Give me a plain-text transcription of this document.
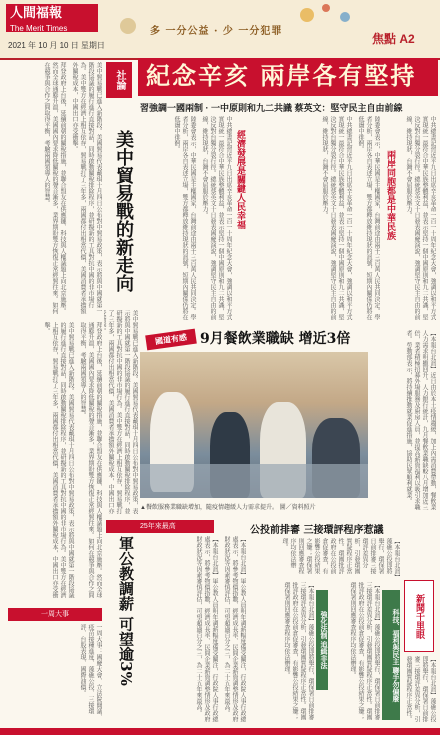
人間福報
The Merit Times
2021 年 10 月 10 日 星期日
多 一分公益 · 少 一分犯罪
焦點 A2
紀念辛亥 兩岸各有堅持
習強調一國兩制 · 一中原則和九二共識 蔡英文：堅守民主自由前線

美中貿易戰已進入新階段。美國貿易代表戴琪十月四日公布對中貿易政策，表示將與中國就第一階段協議的履行進行直接對話，同時啟動關稅排除程序，並研擬新的工具對抗中國的非市場行為。美中雙方在經濟上相互依存，貿易戰打了三年多，兩國都付出相當代價，美國消費者承擔額外關稅成本，中國出口亦受衝擊。

拜登政府上台後，延續前朝的關稅措施，並聯合盟友在供應鏈、科技與人權議題上向北京施壓。然而全球通膨升溫，美國國內要求降低關稅的聲音漸多，業界期盼雙方恢復正常經貿往來。如何在競爭與合作之間取得平衡，考驗兩國領導人的智慧。

拜登政府上台後，延續前朝的關稅措施，並聯合盟友在供應鏈、科技與人權議題上向北京施壓。然而全球通膨升溫，美國國內要求降低關稅的聲音漸多，業界期盼雙方恢復正常經貿往來。如何在競爭與合作之間取得平衡，考驗兩國領導人的智慧。

美中貿易戰已進入新階段。美國貿易代表戴琪十月四日公布對中貿易政策，表示將與中國就第一階段協議的履行進行直接對話，同時啟動關稅排除程序，並研擬新的工具對抗中國的非市場行為。美中雙方在經濟上相互依存，貿易戰打了三年多，兩國都付出相當代價，美國消費者承擔額外關稅成本，中國出口亦受衝擊。

社論
美中貿易戰的新走向

美中貿易戰已進入新階段。美國貿易代表戴琪十月四日公布對中貿易政策，表示將與中國就第一階段協議的履行進行直接對話，同時啟動關稅排除程序，並研擬新的工具對抗中國的非市場行為。美中雙方在經濟上相互依存，貿易戰打了三年多，兩國都付出相當代價，美國消費者承擔額外關稅成本，中國出口亦

中共總書記習近平九日出席辛亥革命一百一十周年紀念大會，強調以和平方式實現統一最符合中華民族整體利益，並表示堅持一個中國原則和九二共識，堅決反對台獨分裂行徑。總統蔡英文十日發表國慶演說，強調堅守民主自由的前線，維持現狀，台灣不會屈服於壓力。

陸委會表示，中華民國是主權國家，台灣前途由兩千三百萬人民共同決定。學者分析，兩岸各自表述立場，雙方都釋放維持現狀的訊號，短期內關係仍將在低盪中徘徊。	經濟發展是關鍵人民幸福	陸委會表示，中華民國是主權國家，台灣前途由兩千三百萬人民共同決定。學者分析，兩岸各自表述立場，雙方都釋放維持現狀的訊號，短期內關係仍將在低盪中徘徊。

中共總書記習近平九日出席辛亥革命一百一十周年紀念大會，強調以和平方式實現統一最符合中華民族整體利益，並表示堅持一個中國原則和九二共識，堅決反對台獨分裂行徑。總統蔡英文十日發表國慶演說，強調堅守民主自由的前線，維持現狀，台灣不會屈服於壓力。	兩岸同胞都是中華民族	中共總書記習近平九日出席辛亥革命一百一十周年紀念大會，強調以和平方式實現統一最符合中華民族整體利益，並表示堅持一個中國原則和九二共識，堅決反對台獨分裂行徑。總統蔡英文十日發表國慶演說，強調堅守民主自由的前線，維持現狀，台灣不會屈服於壓力。

國道有感 9月餐飲業職缺 增近3倍
▲餐飲服務業職缺增加，隨疫情趨緩人力需求提升。 圖／資料照片	【本報台北訊】近日由於本土疫情趨緩，加上內需消費帶動，餐飲業人力需求明顯回升。人力銀行統計，九月餐飲業職缺較八月增加近三倍，業者積極招募外場服務及廚房人員，並提高薪資福利以吸引求職者。勞動部表示，將持續推動就業促進措施，協助民眾順利就業。

25年來最高
軍公教調薪 可望逾3%	【本報台北訊】軍公教人員明年調薪幅度備受關注，行政院人事行政總處表示，將參考物價指數、經濟成長率、民間企業薪資調整情形及政府財政狀況等因素審慎評估，可望超過百分之三，為二十五年來最高。

【本報台北訊】軍公教人員明年調薪幅度備受關注，行政院人事行政總處表示，將參考物價指數、經濟成長率、民間企業薪資調整情形及政府財政狀況等因素審慎評估，可望超過百分之三，為二十五年來最高。

一周大事

一周大事：國慶大會、立法院開議、疫苗接種進度、藻礁公投、三接環評、台股表現、國際油價。

公投前排審 三接環評程序惹議

【本報台北訊】藻礁公投即將舉行，環保署日前排審三接環評差異分析，引發環團質疑程序正當性。環團批評政府在公投前倉促審查，有影響公投結果之嫌；環保署則回應審查程序均依法辦理。

【本報台北訊】藻礁公投即將舉行，環保署日前排審三接環評差異分析，引發環團質疑程序正當性。環團批評政府在公投前倉促審查，有影響公投結果之嫌；環保署則回應審查程序均依法辦理。	強化法制 追緝非法	【本報台北訊】藻礁公投即將舉行，環保署日前排審三接環評差異分析，引發環團質疑程序正當性。環團批評政府在公投前倉促審查，有影響公投結果之嫌；環保署則回應審查程序均依法辦理。	科技、福利與民主 聯手勿偏廢	新聞千里眼

【本報台北訊】藻礁公投即將舉行，環保署日前排審三接環評差異分析，引發環團質疑程序正當性。
